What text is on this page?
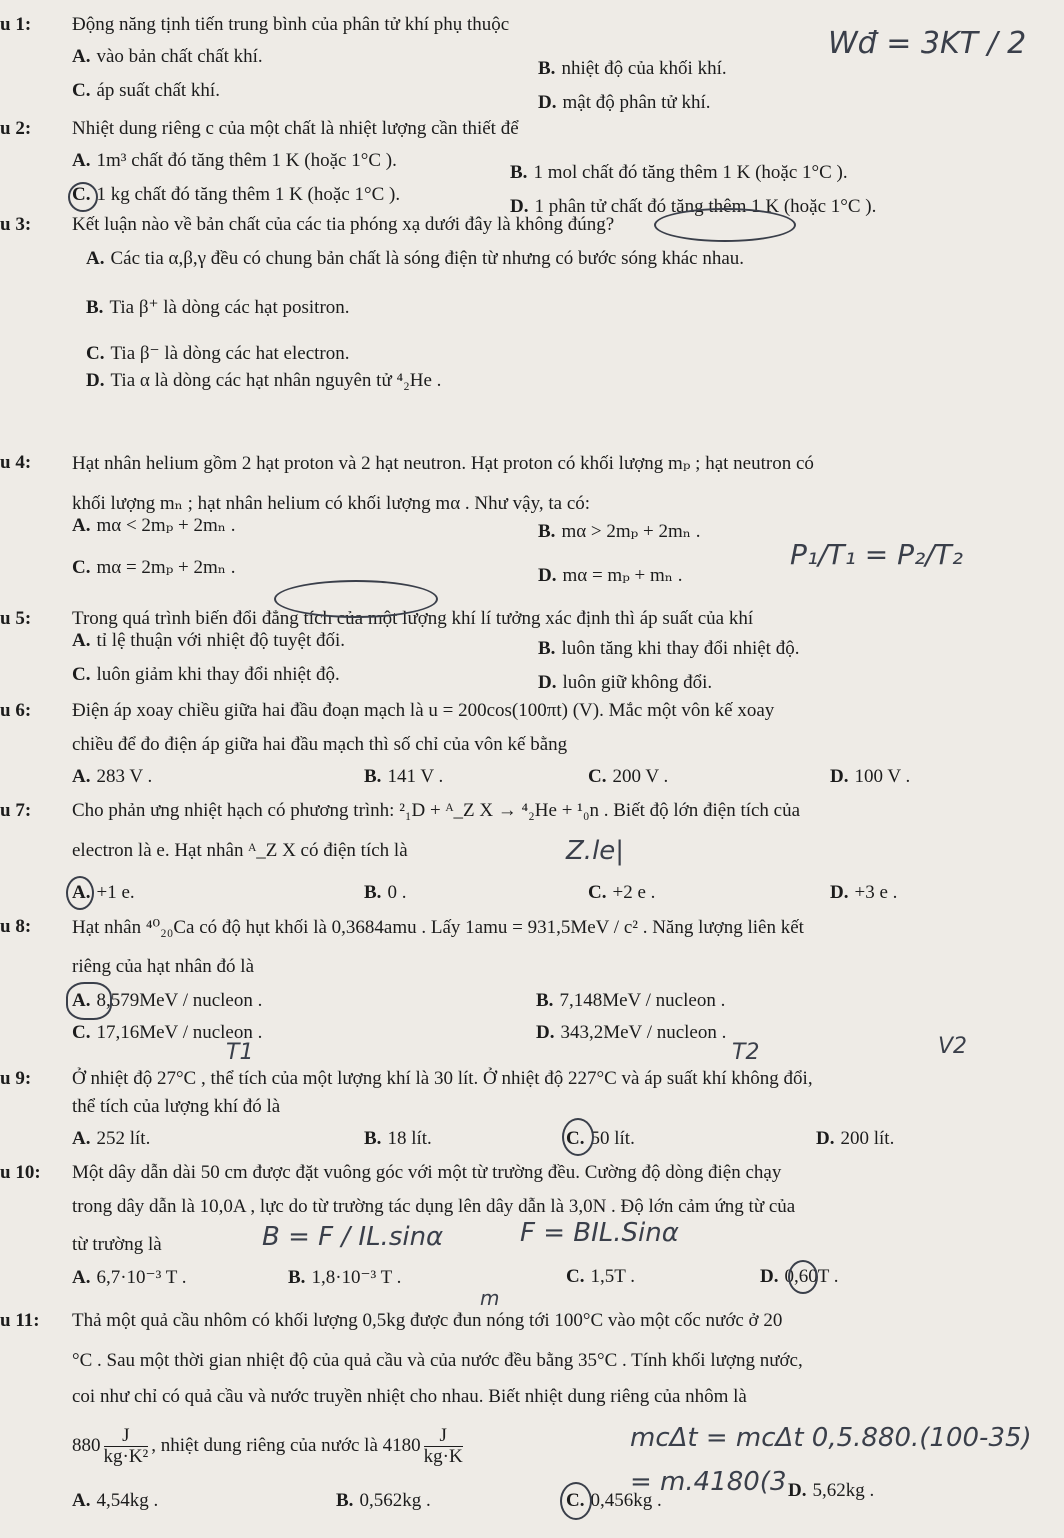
u 1: Động năng tịnh tiến trung bình của phân tử khí phụ thuộc
A. vào bản chất chất khí.
B. nhiệt độ của khối khí.
C. áp suất chất khí.
D. mật độ phân tử khí.
Wđ = 3KT / 2
u 2: Nhiệt dung riêng c của một chất là nhiệt lượng cần thiết để
A. 1m³ chất đó tăng thêm 1 K (hoặc 1°C ).
B. 1 mol chất đó tăng thêm 1 K (hoặc 1°C ).
C. 1 kg chất đó tăng thêm 1 K (hoặc 1°C ).
D. 1 phân tử chất đó tăng thêm 1 K (hoặc 1°C ).
u 3: Kết luận nào về bản chất của các tia phóng xạ dưới đây là không đúng?
A. Các tia α,β,γ đều có chung bản chất là sóng điện từ nhưng có bước sóng khác nhau.
B. Tia β⁺ là dòng các hạt positron.
C. Tia β⁻ là dòng các hat electron.
D. Tia α là dòng các hạt nhân nguyên tử ⁴₂He .
u 4: Hạt nhân helium gồm 2 hạt proton và 2 hạt neutron. Hạt proton có khối lượng mₚ ; hạt neutron có
khối lượng mₙ ; hạt nhân helium có khối lượng mα . Như vậy, ta có:
A. mα < 2mₚ + 2mₙ .	B. mα > 2mₚ + 2mₙ .
C. mα = 2mₚ + 2mₙ .	D. mα = mₚ + mₙ .
P₁/T₁ = P₂/T₂
u 5: Trong quá trình biến đổi đẳng tích của một lượng khí lí tưởng xác định thì áp suất của khí
A. tỉ lệ thuận với nhiệt độ tuyệt đối.	B. luôn tăng khi thay đổi nhiệt độ.
C. luôn giảm khi thay đổi nhiệt độ.	D. luôn giữ không đổi.
u 6: Điện áp xoay chiều giữa hai đầu đoạn mạch là u = 200cos(100πt) (V). Mắc một vôn kế xoay
chiều để đo điện áp giữa hai đầu mạch thì số chỉ của vôn kế bằng
A. 283 V .	B. 141 V .	C. 200 V .	D. 100 V .
u 7: Cho phản ưng nhiệt hạch có phương trình: ²₁D + ᴬ_Z X → ⁴₂He + ¹₀n . Biết độ lớn điện tích của
electron là e. Hạt nhân ᴬ_Z X có điện tích là
A. +1 e.	B. 0 .	C. +2 e .	D. +3 e .
Z.le|
u 8: Hạt nhân ⁴⁰₂₀Ca có độ hụt khối là 0,3684amu . Lấy 1amu = 931,5MeV / c² . Năng lượng liên kết
riêng của hạt nhân đó là
A. 8,579MeV / nucleon .	B. 7,148MeV / nucleon .
C. 17,16MeV / nucleon .	D. 343,2MeV / nucleon .
u 9: Ở nhiệt độ 27°C , thể tích của một lượng khí là 30 lít. Ở nhiệt độ 227°C và áp suất khí không đổi,
thể tích của lượng khí đó là
A. 252 lít.	B. 18 lít.	C. 50 lít.	D. 200 lít.
T1	T2	V2
u 10: Một dây dẫn dài 50 cm được đặt vuông góc với một từ trường đều. Cường độ dòng điện chạy
trong dây dẫn là 10,0A , lực do từ trường tác dụng lên dây dẫn là 3,0N . Độ lớn cảm ứng từ của
từ trường là
A. 6,7·10⁻³ T .	B. 1,8·10⁻³ T .	C. 1,5T .	D. 0,60T .
B = F / IL.sinα	F = BIL.Sinα
m
u 11: Thả một quả cầu nhôm có khối lượng 0,5kg được đun nóng tới 100°C vào một cốc nước ở 20
°C . Sau một thời gian nhiệt độ của quả cầu và của nước đều bằng 35°C . Tính khối lượng nước,
coi như chỉ có quả cầu và nước truyền nhiệt cho nhau. Biết nhiệt dung riêng của nhôm là
$880 \frac{J}{\text{kg·K²}}$ , nhiệt dung riêng của nước là $4180 \frac{J}{kg\cdot K}$
A. 4,54kg .	B. 0,562kg .	C. 0,456kg .	D. 5,62kg .
mcΔt = mcΔt 0,5.880.(100-35) = m.4180(3
